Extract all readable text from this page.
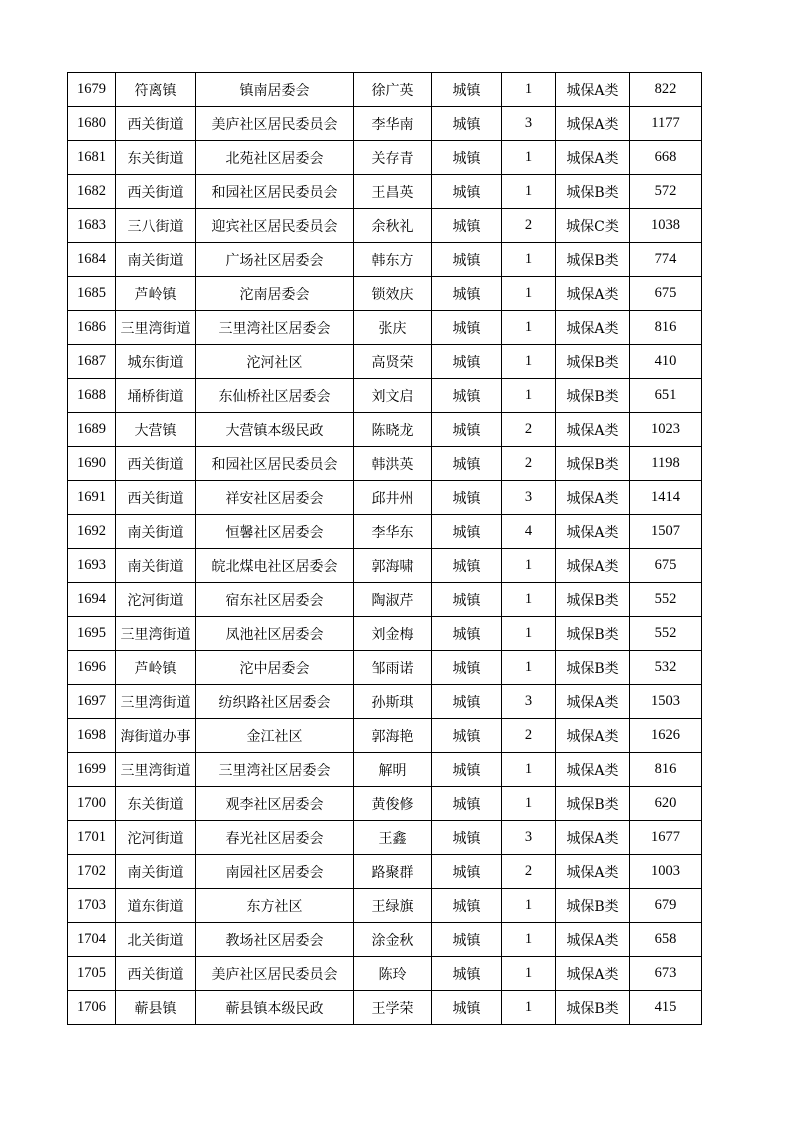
1679	符离镇	镇南居委会	徐广英	城镇	1	城保A类	822
1680	西关街道	美庐社区居民委员会	李华南	城镇	3	城保A类	1177
1681	东关街道	北苑社区居委会	关存青	城镇	1	城保A类	668
1682	西关街道	和园社区居民委员会	王昌英	城镇	1	城保B类	572
1683	三八街道	迎宾社区居民委员会	余秋礼	城镇	2	城保C类	1038
1684	南关街道	广场社区居委会	韩东方	城镇	1	城保B类	774
1685	芦岭镇	沱南居委会	锁效庆	城镇	1	城保A类	675
1686	三里湾街道	三里湾社区居委会	张庆	城镇	1	城保A类	816
1687	城东街道	沱河社区	高贤荣	城镇	1	城保B类	410
1688	埇桥街道	东仙桥社区居委会	刘文启	城镇	1	城保B类	651
1689	大营镇	大营镇本级民政	陈晓龙	城镇	2	城保A类	1023
1690	西关街道	和园社区居民委员会	韩洪英	城镇	2	城保B类	1198
1691	西关街道	祥安社区居委会	邱井州	城镇	3	城保A类	1414
1692	南关街道	恒馨社区居委会	李华东	城镇	4	城保A类	1507
1693	南关街道	皖北煤电社区居委会	郭海啸	城镇	1	城保A类	675
1694	沱河街道	宿东社区居委会	陶淑芹	城镇	1	城保B类	552
1695	三里湾街道	凤池社区居委会	刘金梅	城镇	1	城保B类	552
1696	芦岭镇	沱中居委会	邹雨诺	城镇	1	城保B类	532
1697	三里湾街道	纺织路社区居委会	孙斯琪	城镇	3	城保A类	1503
1698	海街道办事	金江社区	郭海艳	城镇	2	城保A类	1626
1699	三里湾街道	三里湾社区居委会	解明	城镇	1	城保A类	816
1700	东关街道	观李社区居委会	黄俊修	城镇	1	城保B类	620
1701	沱河街道	春光社区居委会	王鑫	城镇	3	城保A类	1677
1702	南关街道	南园社区居委会	路聚群	城镇	2	城保A类	1003
1703	道东街道	东方社区	王绿旗	城镇	1	城保B类	679
1704	北关街道	教场社区居委会	涂金秋	城镇	1	城保A类	658
1705	西关街道	美庐社区居民委员会	陈玲	城镇	1	城保A类	673
1706	蕲县镇	蕲县镇本级民政	王学荣	城镇	1	城保B类	415
